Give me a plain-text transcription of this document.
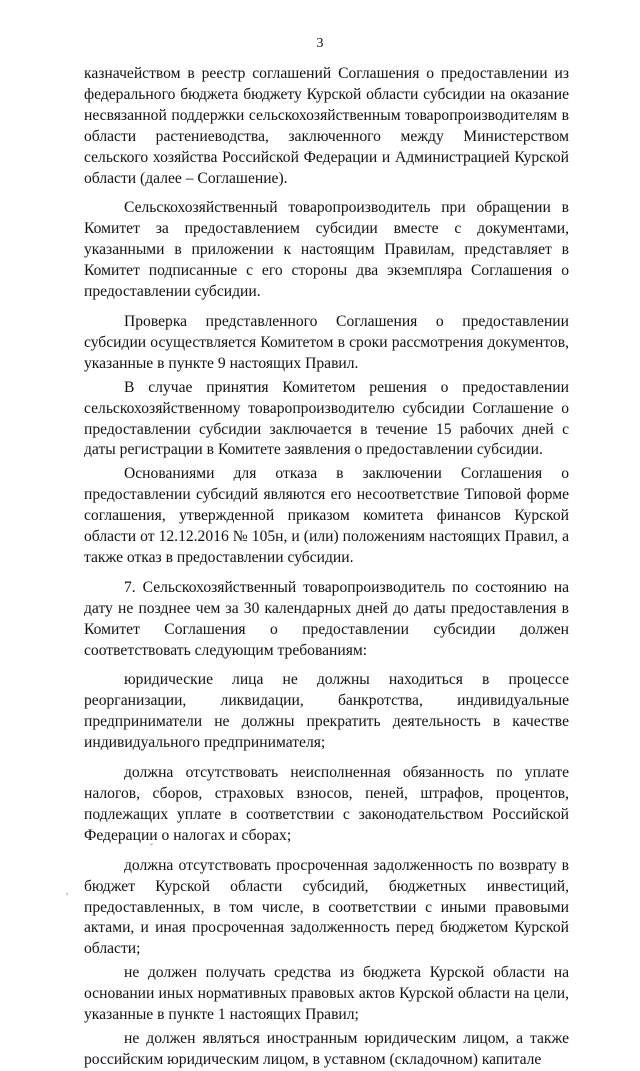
3

казначейством в реестр соглашений Соглашения о предоставлении из федерального бюджета бюджету Курской области субсидии на оказание несвязанной поддержки сельскохозяйственным товаропроизводителям в области растениеводства, заключенного между Министерством сельского хозяйства Российской Федерации и Администрацией Курской области (далее – Соглашение).

Сельскохозяйственный товаропроизводитель при обращении в Комитет за предоставлением субсидии вместе с документами, указанными в приложении к настоящим Правилам, представляет в Комитет подписанные с его стороны два экземпляра Соглашения о предоставлении субсидии.

Проверка представленного Соглашения о предоставлении субсидии осуществляется Комитетом в сроки рассмотрения документов, указанные в пункте 9 настоящих Правил.

В случае принятия Комитетом решения о предоставлении сельскохозяйственному товаропроизводителю субсидии Соглашение о предоставлении субсидии заключается в течение 15 рабочих дней с даты регистрации в Комитете заявления о предоставлении субсидии.

Основаниями для отказа в заключении Соглашения о предоставлении субсидий являются его несоответствие Типовой форме соглашения, утвержденной приказом комитета финансов Курской области от 12.12.2016 № 105н, и (или) положениям настоящих Правил, а также отказ в предоставлении субсидии.

7. Сельскохозяйственный товаропроизводитель по состоянию на дату не позднее чем за 30 календарных дней до даты предоставления в Комитет Соглашения о предоставлении субсидии должен соответствовать следующим требованиям:

юридические лица не должны находиться в процессе реорганизации, ликвидации, банкротства, индивидуальные предприниматели не должны прекратить деятельность в качестве индивидуального предпринимателя;

должна отсутствовать неисполненная обязанность по уплате налогов, сборов, страховых взносов, пеней, штрафов, процентов, подлежащих уплате в соответствии с законодательством Российской Федерации о налогах и сборах;

должна отсутствовать просроченная задолженность по возврату в бюджет Курской области субсидий, бюджетных инвестиций, предоставленных, в том числе, в соответствии с иными правовыми актами, и иная просроченная задолженность перед бюджетом Курской области;

не должен получать средства из бюджета Курской области на основании иных нормативных правовых актов Курской области на цели, указанные в пункте 1 настоящих Правил;

не должен являться иностранным юридическим лицом, а также российским юридическим лицом, в уставном (складочном) капитале

ˇ
,
